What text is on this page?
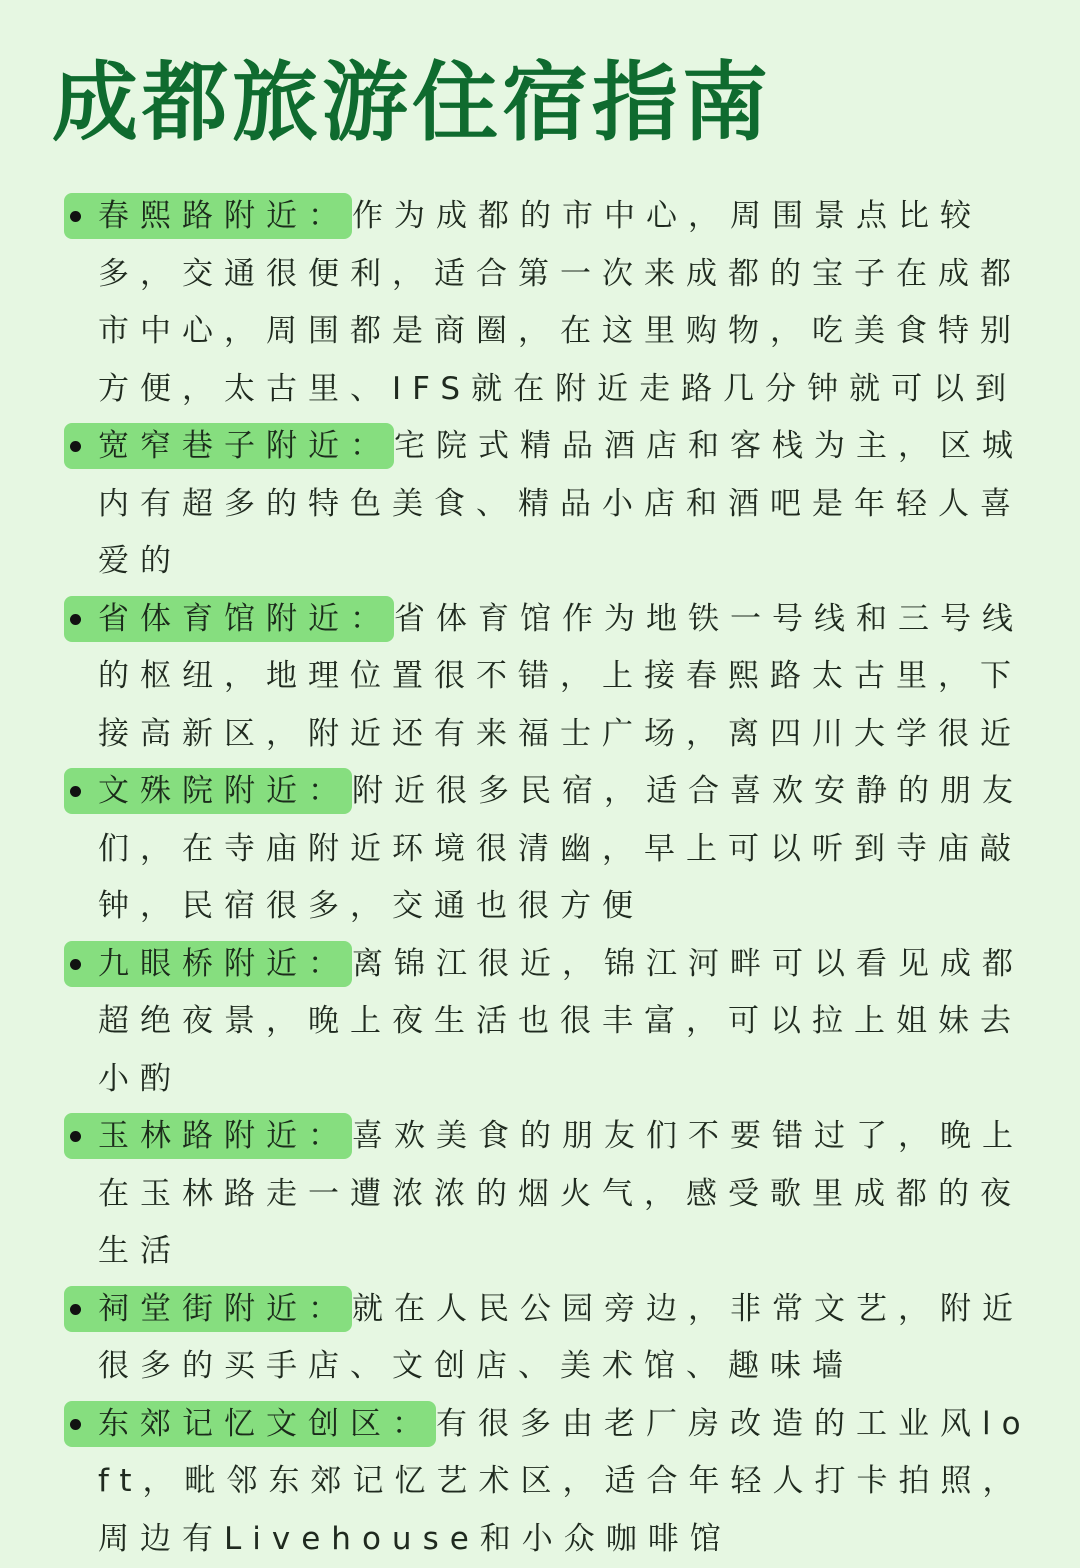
成都旅游住宿指南

春熙路附近：作为成都的市中心，周围景点比较多，交通很便利，适合第一次来成都的宝子在成都市中心，周围都是商圈，在这里购物，吃美食特别方便，太古里、IFS就在附近走路几分钟就可以到

宽窄巷子附近：宅院式精品酒店和客栈为主，区城内有超多的特色美食、精品小店和酒吧是年轻人喜爱的

省体育馆附近：省体育馆作为地铁一号线和三号线的枢纽，地理位置很不错，上接春熙路太古里，下接高新区，附近还有来福士广场，离四川大学很近

文殊院附近：附近很多民宿，适合喜欢安静的朋友们，在寺庙附近环境很清幽，早上可以听到寺庙敲钟，民宿很多，交通也很方便

九眼桥附近：离锦江很近，锦江河畔可以看见成都超绝夜景，晚上夜生活也很丰富，可以拉上姐妹去小酌

玉林路附近：喜欢美食的朋友们不要错过了，晚上在玉林路走一遭浓浓的烟火气，感受歌里成都的夜生活

祠堂街附近：就在人民公园旁边，非常文艺，附近很多的买手店、文创店、美术馆、趣味墙

东郊记忆文创区：有很多由老厂房改造的工业风loft，毗邻东郊记忆艺术区，适合年轻人打卡拍照，周边有Livehouse和小众咖啡馆
